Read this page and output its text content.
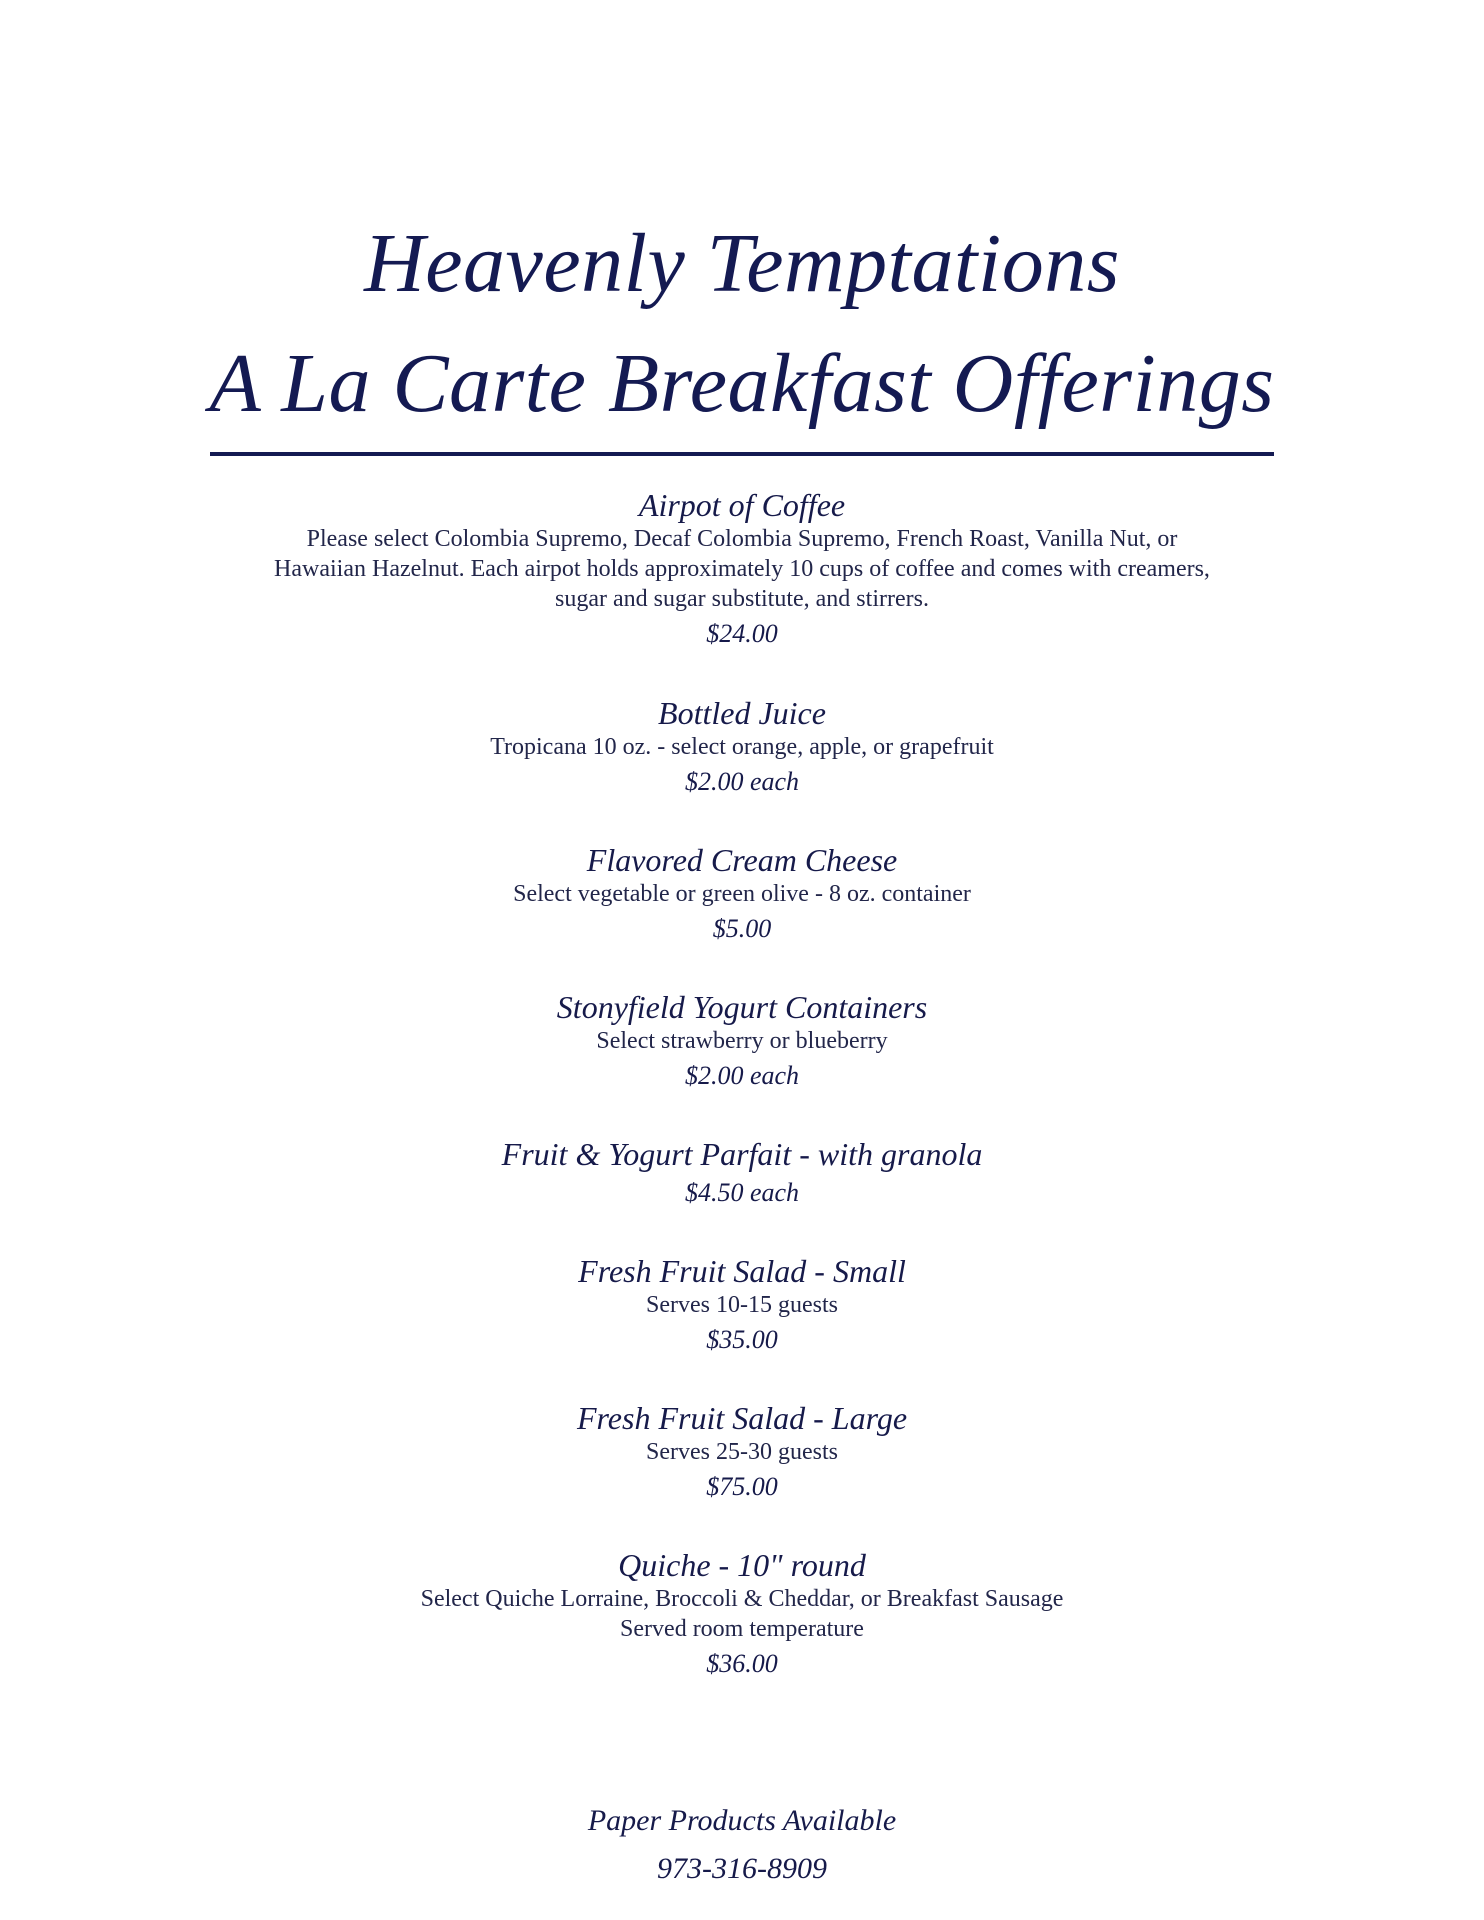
Heavenly Temptations
A La Carte Breakfast Offerings
Airpot of Coffee
Please select Colombia Supremo, Decaf Colombia Supremo, French Roast, Vanilla Nut, or
Hawaiian Hazelnut. Each airpot holds approximately 10 cups of coffee and comes with creamers,
sugar and sugar substitute, and stirrers.
$24.00
Bottled Juice
Tropicana 10 oz. - select orange, apple, or grapefruit
$2.00 each
Flavored Cream Cheese
Select vegetable or green olive - 8 oz. container
$5.00
Stonyfield Yogurt Containers
Select strawberry or blueberry
$2.00 each
Fruit & Yogurt Parfait - with granola
$4.50 each
Fresh Fruit Salad - Small
Serves 10-15 guests
$35.00
Fresh Fruit Salad - Large
Serves 25-30 guests
$75.00
Quiche - 10" round
Select Quiche Lorraine, Broccoli & Cheddar, or Breakfast Sausage
Served room temperature
$36.00
Paper Products Available
973-316-8909
